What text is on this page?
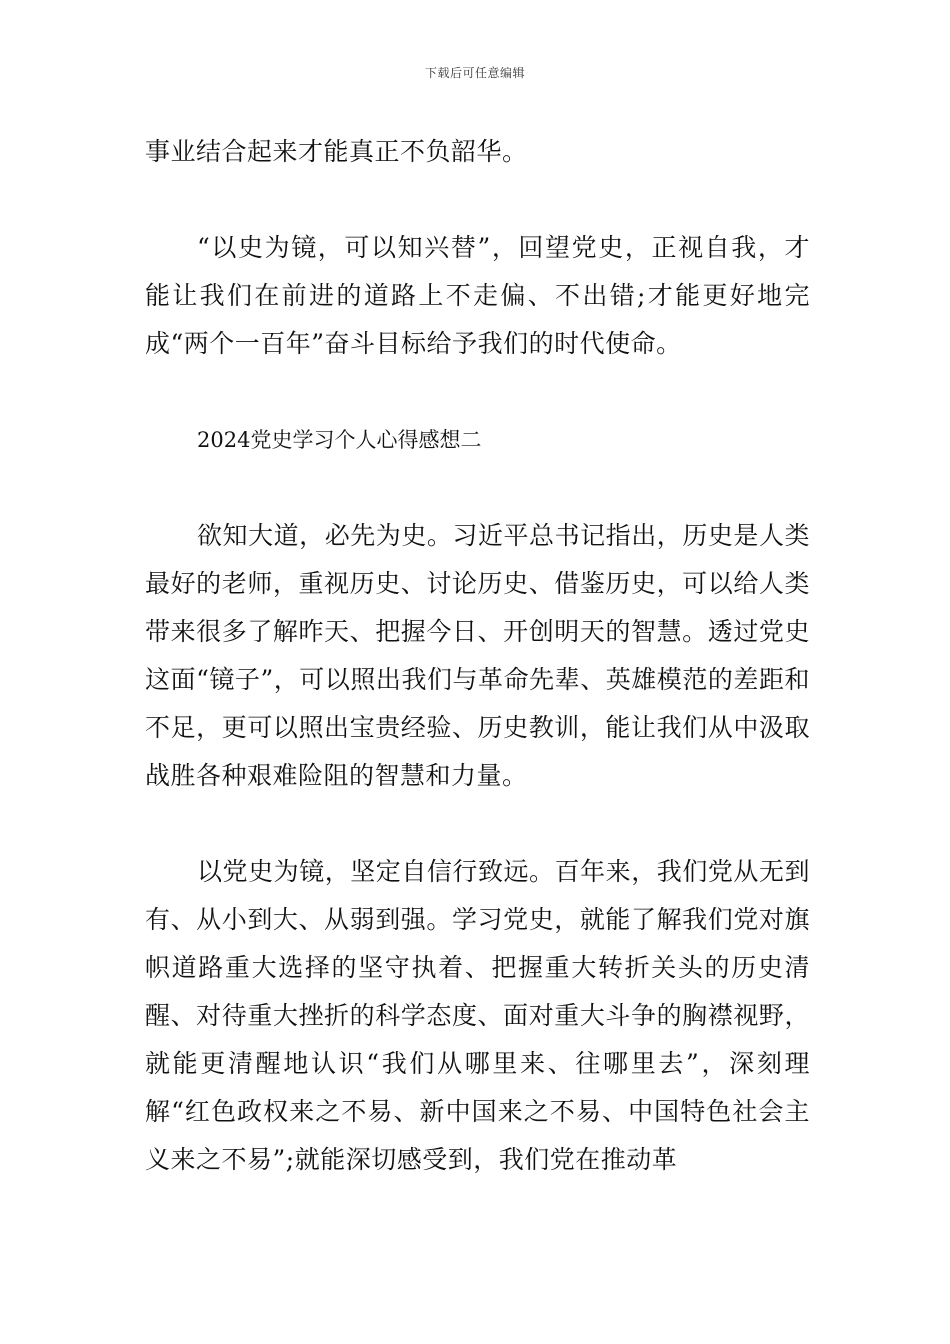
下载后可任意编辑

事业结合起来才能真正不负韶华。

“以史为镜，可以知兴替”，回望党史，正视自我，才能让我们在前进的道路上不走偏、不出错;才能更好地完成“两个一百年”奋斗目标给予我们的时代使命。

2024党史学习个人心得感想二

欲知大道，必先为史。习近平总书记指出，历史是人类最好的老师，重视历史、讨论历史、借鉴历史，可以给人类带来很多了解昨天、把握今日、开创明天的智慧。透过党史这面“镜子”，可以照出我们与革命先辈、英雄模范的差距和不足，更可以照出宝贵经验、历史教训，能让我们从中汲取战胜各种艰难险阻的智慧和力量。

以党史为镜，坚定自信行致远。百年来，我们党从无到有、从小到大、从弱到强。学习党史，就能了解我们党对旗帜道路重大选择的坚守执着、把握重大转折关头的历史清醒、对待重大挫折的科学态度、面对重大斗争的胸襟视野，就能更清醒地认识“我们从哪里来、往哪里去”，深刻理解“红色政权来之不易、新中国来之不易、中国特色社会主义来之不易”;就能深切感受到，我们党在推动革
